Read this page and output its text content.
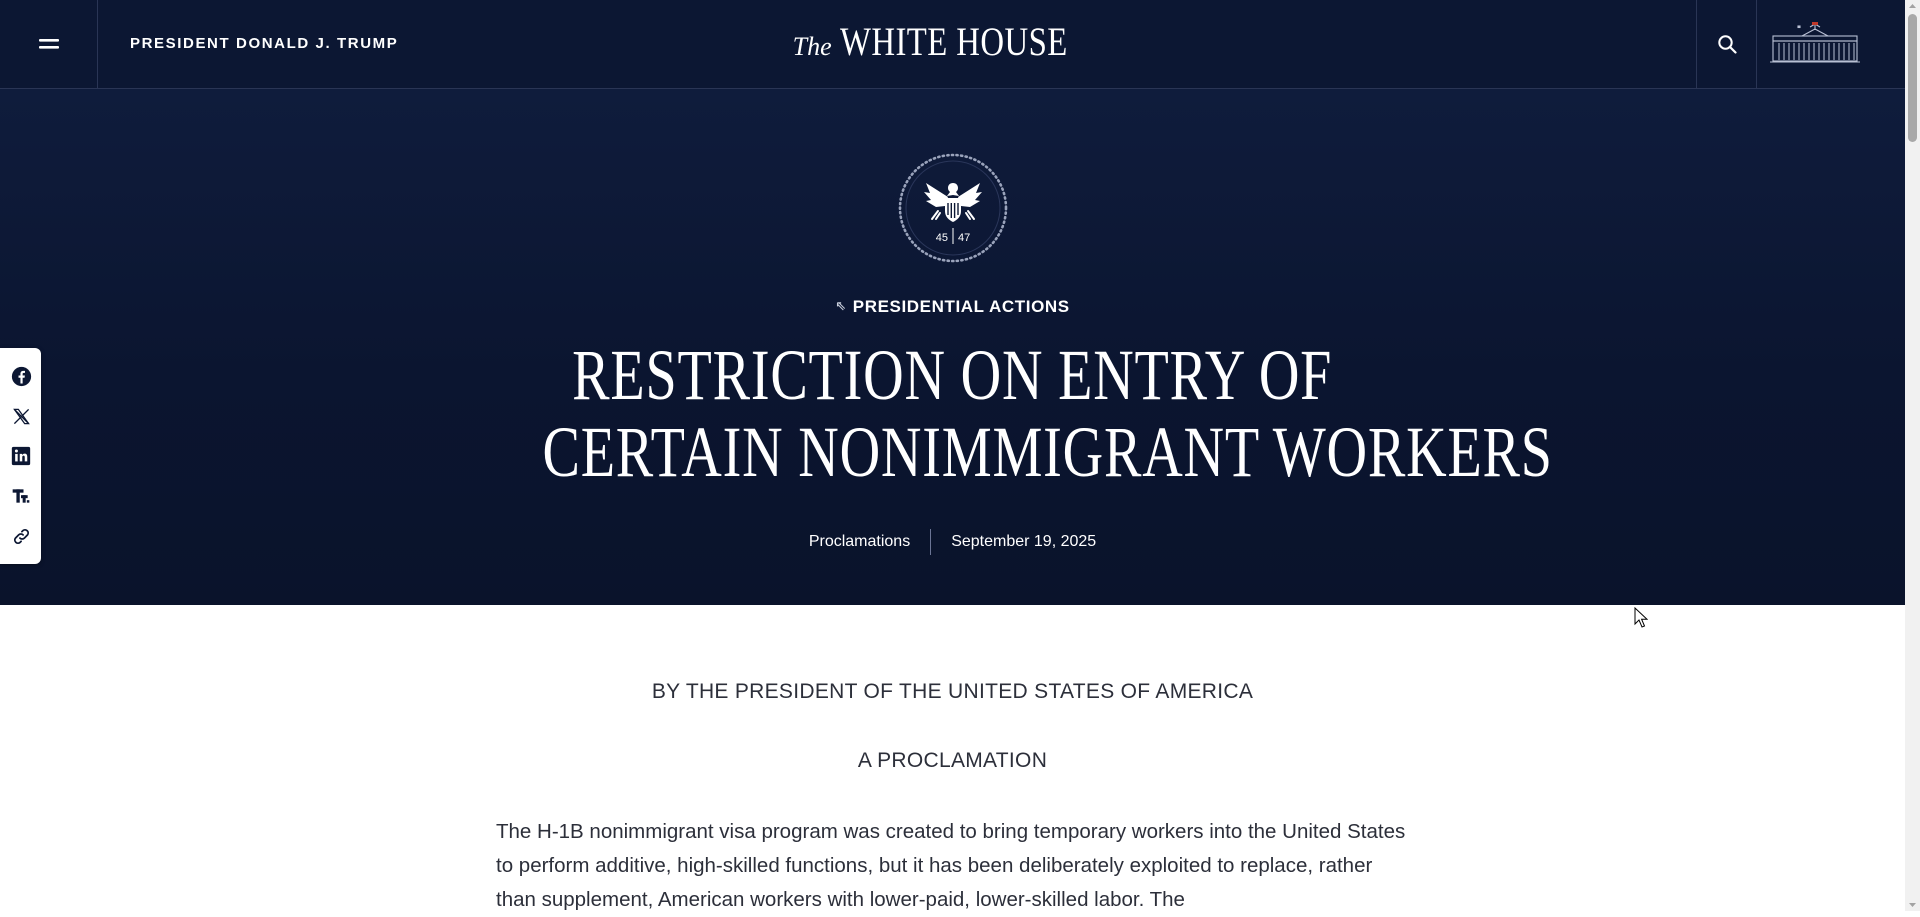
PRESIDENT DONALD J. TRUMP	The WHITE HOUSE
45 47
⇖ PRESIDENTIAL ACTIONS
RESTRICTION ON ENTRY OF
CERTAIN NONIMMIGRANT WORKERS
Proclamations	September 19, 2025
BY THE PRESIDENT OF THE UNITED STATES OF AMERICA
A PROCLAMATION

The H-1B nonimmigrant visa program was created to bring temporary workers into the United States to perform additive, high-skilled functions, but it has been deliberately exploited to replace, rather than supplement, American workers with lower-paid, lower-skilled labor. The
